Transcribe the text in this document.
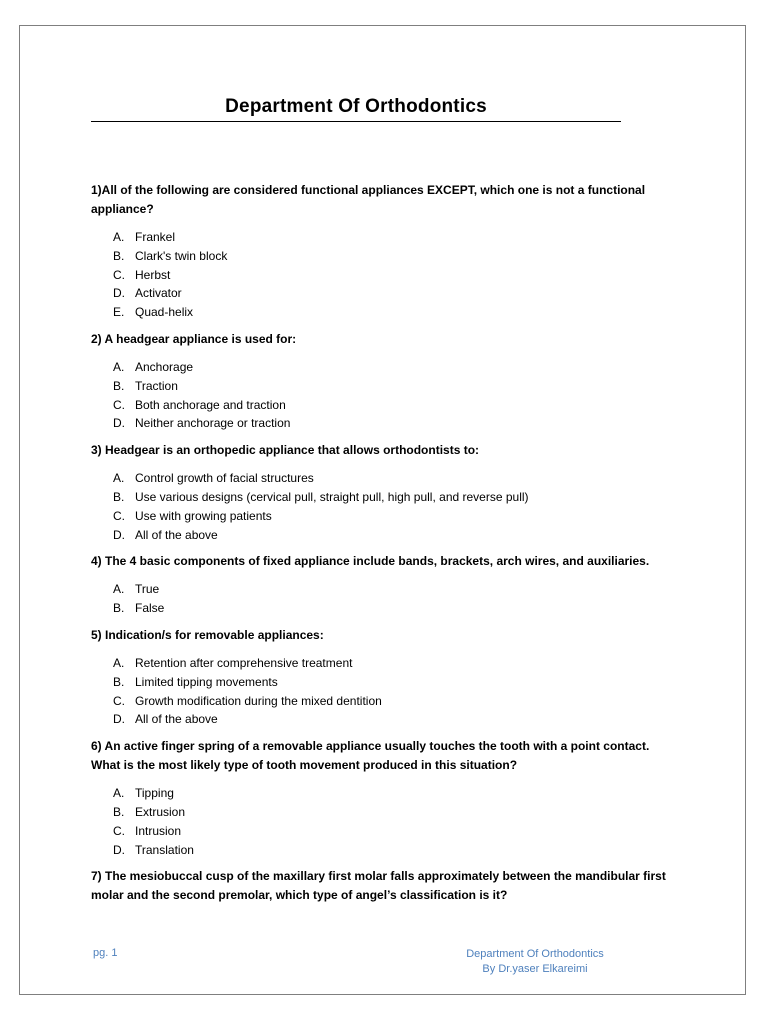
Department Of Orthodontics

1)All of the following are considered functional appliances EXCEPT, which one is not a functional appliance?

A. Frankel
B. Clark's twin block
C. Herbst
D. Activator
E. Quad-helix

2) A headgear appliance is used for:

A. Anchorage
B. Traction
C. Both anchorage and traction
D. Neither anchorage or traction

3) Headgear is an orthopedic appliance that allows orthodontists to:

A. Control growth of facial structures
B. Use various designs (cervical pull, straight pull, high pull, and reverse pull)
C. Use with growing patients
D. All of the above

4) The 4 basic components of fixed appliance include bands, brackets, arch wires, and auxiliaries.

A. True
B. False

5) Indication/s for removable appliances:

A. Retention after comprehensive treatment
B. Limited tipping movements
C. Growth modification during the mixed dentition
D. All of the above

6) An active finger spring of a removable appliance usually touches the tooth with a point contact. What is the most likely type of tooth movement produced in this situation?

A. Tipping
B. Extrusion
C. Intrusion
D. Translation

7) The mesiobuccal cusp of the maxillary first molar falls approximately between the mandibular first molar and the second premolar, which type of angel’s classification is it?

pg. 1	Department Of Orthodontics
By Dr.yaser Elkareimi
